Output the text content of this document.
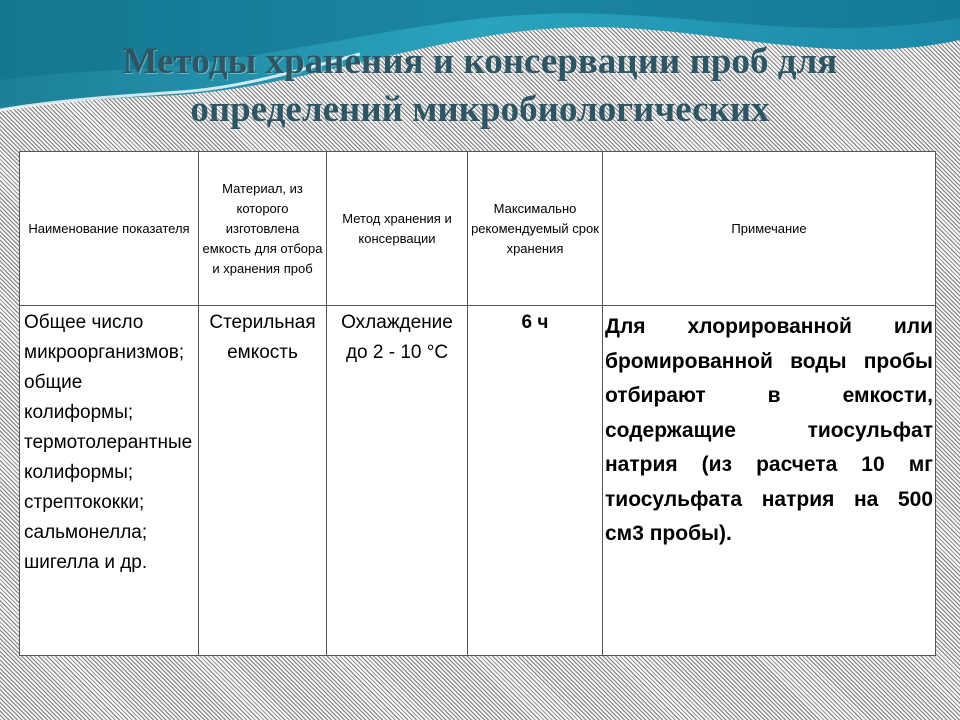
Методы хранения и консервации проб для
определений микробиологических
Наименование показателя	Материал, из которого изготовлена емкость для отбора и хранения проб	Метод хранения и консервации	Максимально рекомендуемый срок хранения	Примечание
Общее число микроорганизмов; общие колиформы; термотолерантные колиформы; стрептококки; сальмонелла; шигелла и др.	Стерильная емкость	Охлаждение до 2 - 10 °С	6 ч	Для хлорированной или бромированной воды пробы отбирают в емкости, содержащие тиосульфат натрия (из расчета 10 мг тиосульфата натрия на 500 см3 пробы).
